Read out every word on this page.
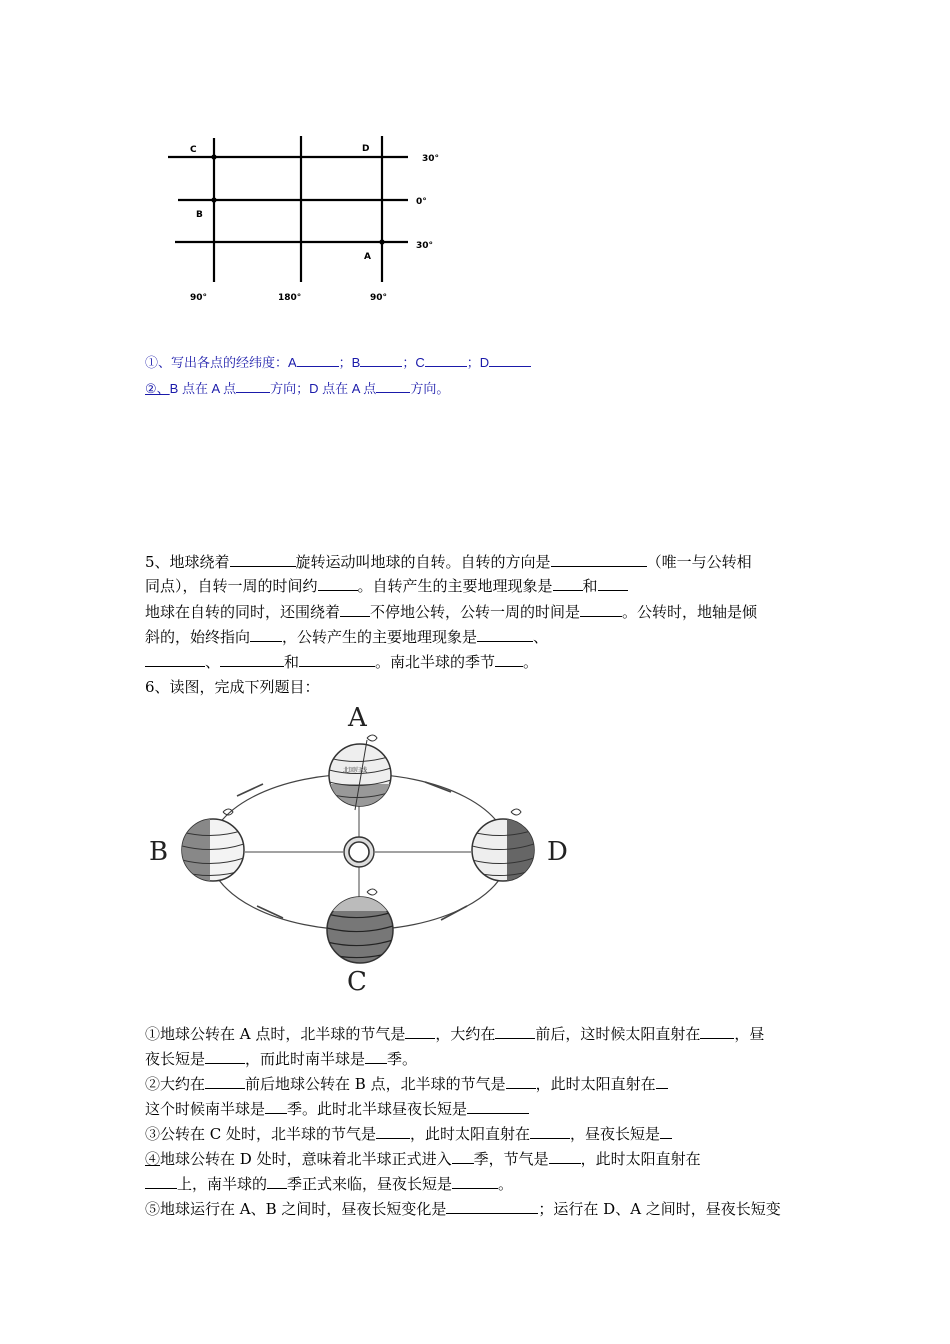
C	D
B
A
30°
0°
30°
90°	180°	90°
①、写出各点的经纬度：A	；B	；C	；D
②、B 点在 A 点	方向；D 点在 A 点	方向。
5、地球绕着	旋转运动叫地球的自转。自转的方向是	（唯一与公转相
同点），自转一周的时间约	。自转产生的主要地理现象是 和
地球在自转的同时，还围绕着 不停地公转，公转一周的时间是	。公转时，地轴是倾
斜的，始终指向 ，公转产生的主要地理现象是	、
、	和	。南北半球的季节 。
6、读图，完成下列题目：
北回归线
A
B
C
D
①地球公转在 A 点时，北半球的节气是 ，大约在	前后，这时候太阳直射在 ，昼
夜长短是	，而此时南半球是 季。
②大约在	前后地球公转在 B 点，北半球的节气是 ，此时太阳直射在
这个时候南半球是 季。此时北半球昼夜长短是
③公转在 C 处时，北半球的节气是 ，此时太阳直射在	，昼夜长短是
④地球公转在 D 处时，意味着北半球正式进入 季，节气是 ，此时太阳直射在
上，南半球的 季正式来临，昼夜长短是	。
⑤地球运行在 A、B 之间时，昼夜长短变化是	；运行在 D、A 之间时，昼夜长短变
